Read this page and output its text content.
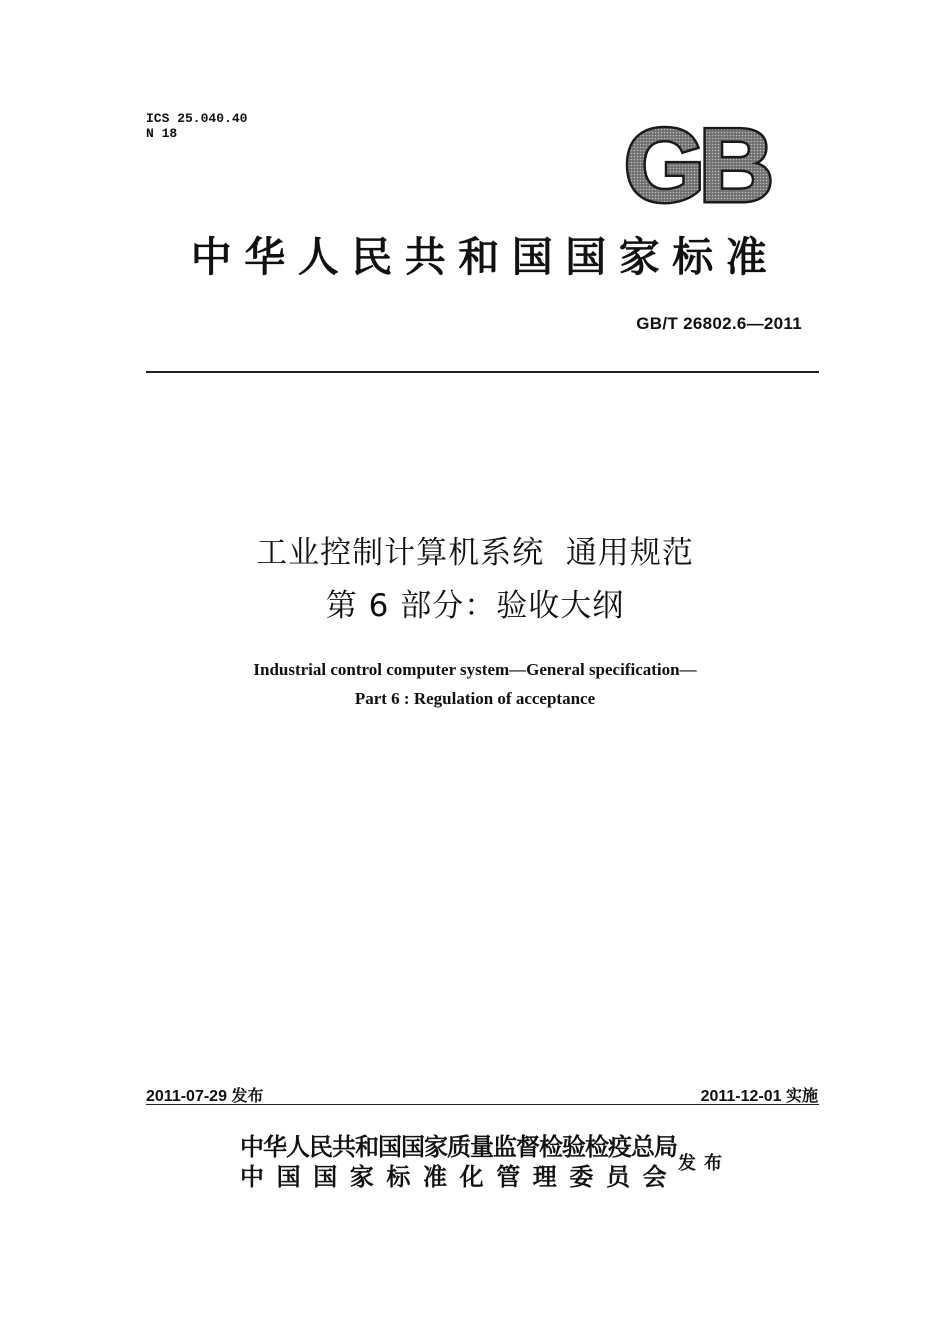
ICS 25.040.40
N 18	GB
中华人民共和国国家标准
GB/T 26802.6—2011
工业控制计算机系统  通用规范
第 6 部分：验收大纲
Industrial control computer system—General specification—
Part 6 : Regulation of acceptance
2011-07-29 发布	2011-12-01 实施
中华人民共和国国家质量监督检验检疫总局
中国国家标准化管理委员会
发布
